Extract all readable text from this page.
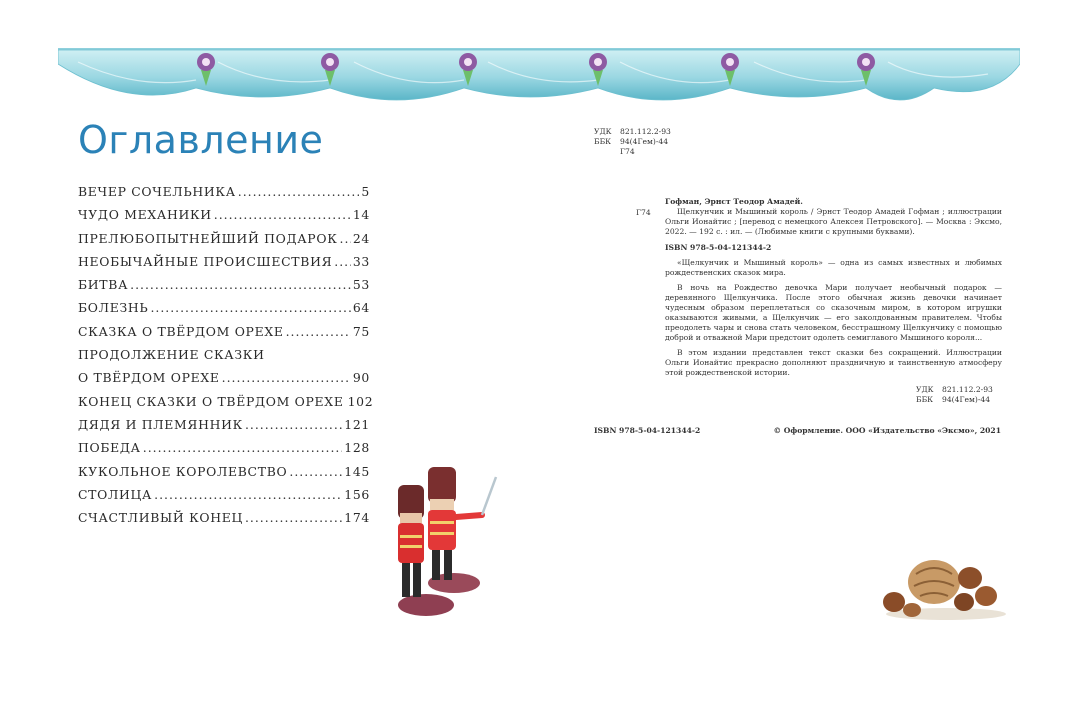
Оглавление
ВЕЧЕР СОЧЕЛЬНИКА .....	5
ЧУДО МЕХАНИКИ .....	14
ПРЕЛЮБОПЫТНЕЙШИЙ ПОДАРОК ..... 24
НЕОБЫЧАЙНЫЕ ПРОИСШЕСТВИЯ ..... 33
БИТВА .....	53
БОЛЕЗНЬ .....	64
СКАЗКА О ТВЁРДОМ ОРЕХЕ .....	75
ПРОДОЛЖЕНИЕ СКАЗКИ
О ТВЁРДОМ ОРЕХЕ .....	90
КОНЕЦ СКАЗКИ О ТВЁРДОМ ОРЕХЕ 102
ДЯДЯ И ПЛЕМЯННИК .....	121
ПОБЕДА .....	128
КУКОЛЬНОЕ КОРОЛЕВСТВО .....	145
СТОЛИЦА .....	156
СЧАСТЛИВЫЙ КОНЕЦ .....	174
УДК 821.112.2-93
ББК 94(4Гем)-44
Г74
Г74

Гофман, Эрнст Теодор Амадей.

Щелкунчик и Мышиный король / Эрнст Теодор Амадей Гофман ; иллюстрации Ольги Ионайтис ; [перевод с немецкого Алексея Петровского]. — Москва : Эксмо, 2022. — 192 с. : ил. — (Любимые книги с крупными буквами).

ISBN 978-5-04-121344-2

«Щелкунчик и Мышиный король» — одна из самых известных и любимых рождественских сказок мира.

В ночь на Рождество девочка Мари получает необычный подарок — деревянного Щелкунчика. После этого обычная жизнь девочки начинает чудесным образом переплетаться со сказочным миром, в котором игрушки оказываются живыми, а Щелкунчик — его заколдованным правителем. Чтобы преодолеть чары и снова стать человеком, бесстрашному Щелкунчику с помощью доброй и отважной Мари предстоит одолеть семиглавого Мышиного короля...

В этом издании представлен текст сказки без сокращений. Иллюстрации Ольги Ионайтис прекрасно дополняют праздничную и таинственную атмосферу этой рождественской истории.

УДК 821.112.2-93
ББК 94(4Гем)-44
ISBN 978-5-04-121344-2	© Оформление. ООО «Издательство «Эксмо», 2021
